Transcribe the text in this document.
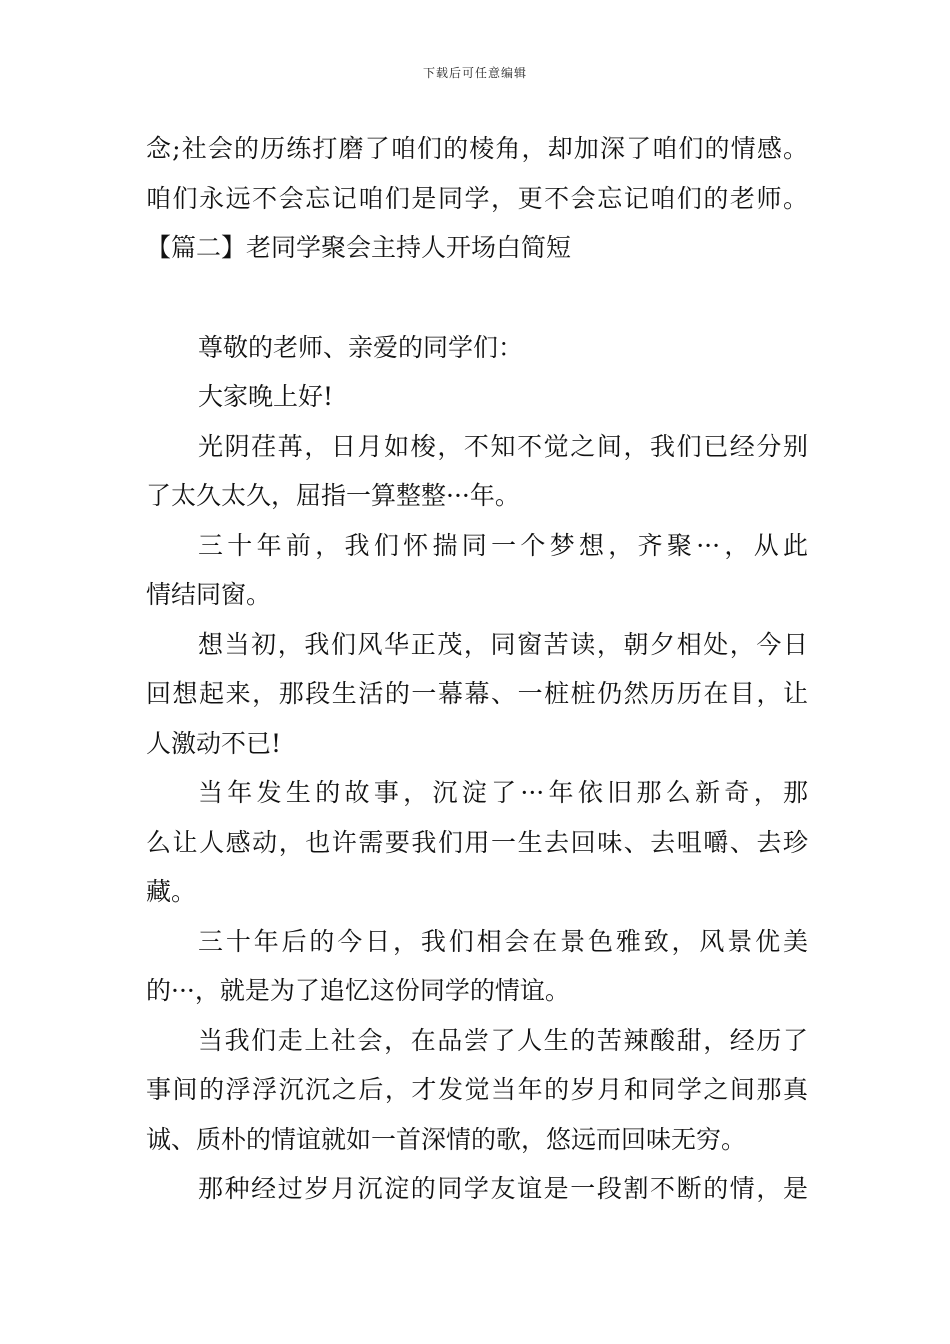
下载后可任意编辑
念;社会的历练打磨了咱们的棱角，却加深了咱们的情感。
咱们永远不会忘记咱们是同学，更不会忘记咱们的老师。
【篇二】老同学聚会主持人开场白简短
尊敬的老师、亲爱的同学们：
大家晚上好!
光阴荏苒，日月如梭，不知不觉之间，我们已经分别
了太久太久，屈指一算整整···年。
三十年前，我们怀揣同一个梦想，齐聚···，从此
情结同窗。
想当初，我们风华正茂，同窗苦读，朝夕相处，今日
回想起来，那段生活的一幕幕、一桩桩仍然历历在目，让
人激动不已!
当年发生的故事，沉淀了···年依旧那么新奇，那
么让人感动，也许需要我们用一生去回味、去咀嚼、去珍
藏。
三十年后的今日，我们相会在景色雅致，风景优美
的···，就是为了追忆这份同学的情谊。
当我们走上社会，在品尝了人生的苦辣酸甜，经历了
事间的浮浮沉沉之后，才发觉当年的岁月和同学之间那真
诚、质朴的情谊就如一首深情的歌，悠远而回味无穷。
那种经过岁月沉淀的同学友谊是一段割不断的情，是
